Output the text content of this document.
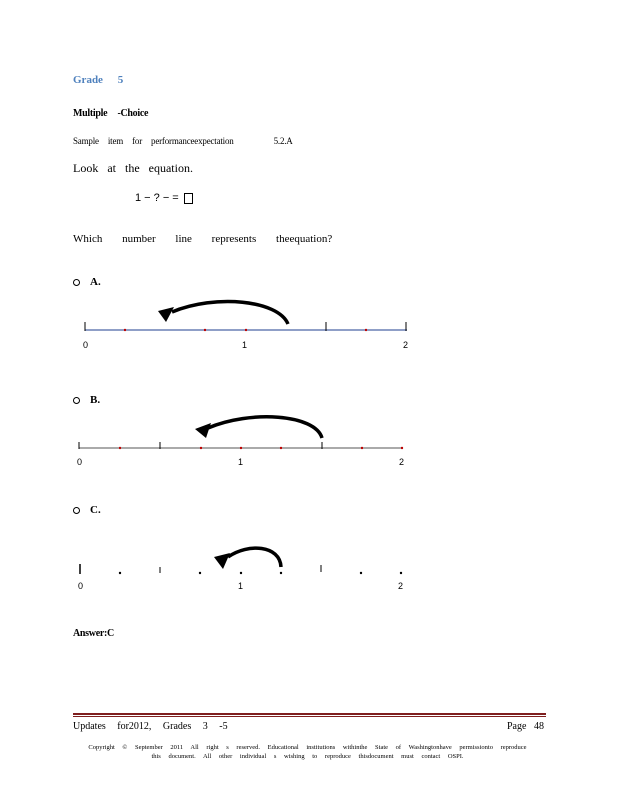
Grade 5
Multiple -Choice
Sample item for performanceexpectation	5.2.A
Look at the equation.
1 − ? − =
Which number line represents theequation?
A.
0	1	2
B.
0	1	2
C.
0	1	2
Answer:C
Updates for2012, Grades 3 -5	Page 48
Copyright © September 2011 All right s reserved. Educational institutions withinthe State of Washingtonhave permissionto reproduce this document. All other individual s wishing to reproduce thisdocument must contact OSPI.
